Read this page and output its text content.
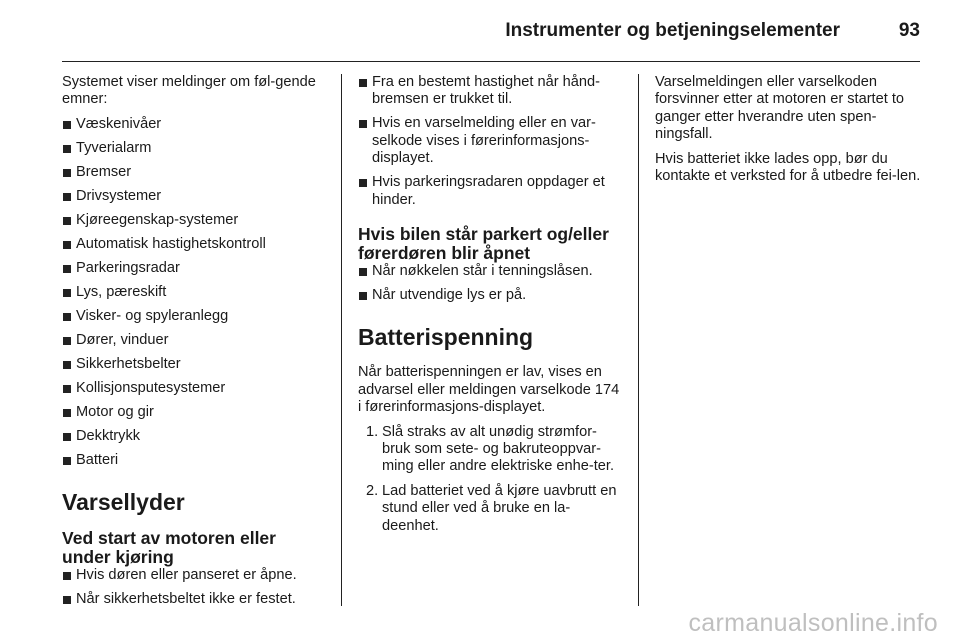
Instrumenter og betjeningselementer	93

Systemet viser meldinger om føl-gende emner:

Væskenivåer
Tyverialarm
Bremser
Drivsystemer
Kjøreegenskap-systemer
Automatisk hastighetskontroll
Parkeringsradar
Lys, pæreskift
Visker- og spyleranlegg
Dører, vinduer
Sikkerhetsbelter
Kollisjonsputesystemer
Motor og gir
Dekktrykk
Batteri
Varsellyder
Ved start av motoren eller under kjøring
Hvis døren eller panseret er åpne.
Når sikkerhetsbeltet ikke er festet.
Fra en bestemt hastighet når hånd-bremsen er trukket til.
Hvis en varselmelding eller en var-selkode vises i førerinformasjons-displayet.
Hvis parkeringsradaren oppdager et hinder.
Hvis bilen står parkert og/eller førerdøren blir åpnet
Når nøkkelen står i tenningslåsen.
Når utvendige lys er på.
Batterispenning

Når batterispenningen er lav, vises en advarsel eller meldingen varselkode 174 i førerinformasjons-displayet.

1. Slå straks av alt unødig strømfor-bruk som sete- og bakruteoppvar-ming eller andre elektriske enhe-ter.
2. Lad batteriet ved å kjøre uavbrutt en stund eller ved å bruke en la-deenhet.

Varselmeldingen eller varselkoden forsvinner etter at motoren er startet to ganger etter hverandre uten spen-ningsfall.

Hvis batteriet ikke lades opp, bør du kontakte et verksted for å utbedre fei-len.

carmanualsonline.info
